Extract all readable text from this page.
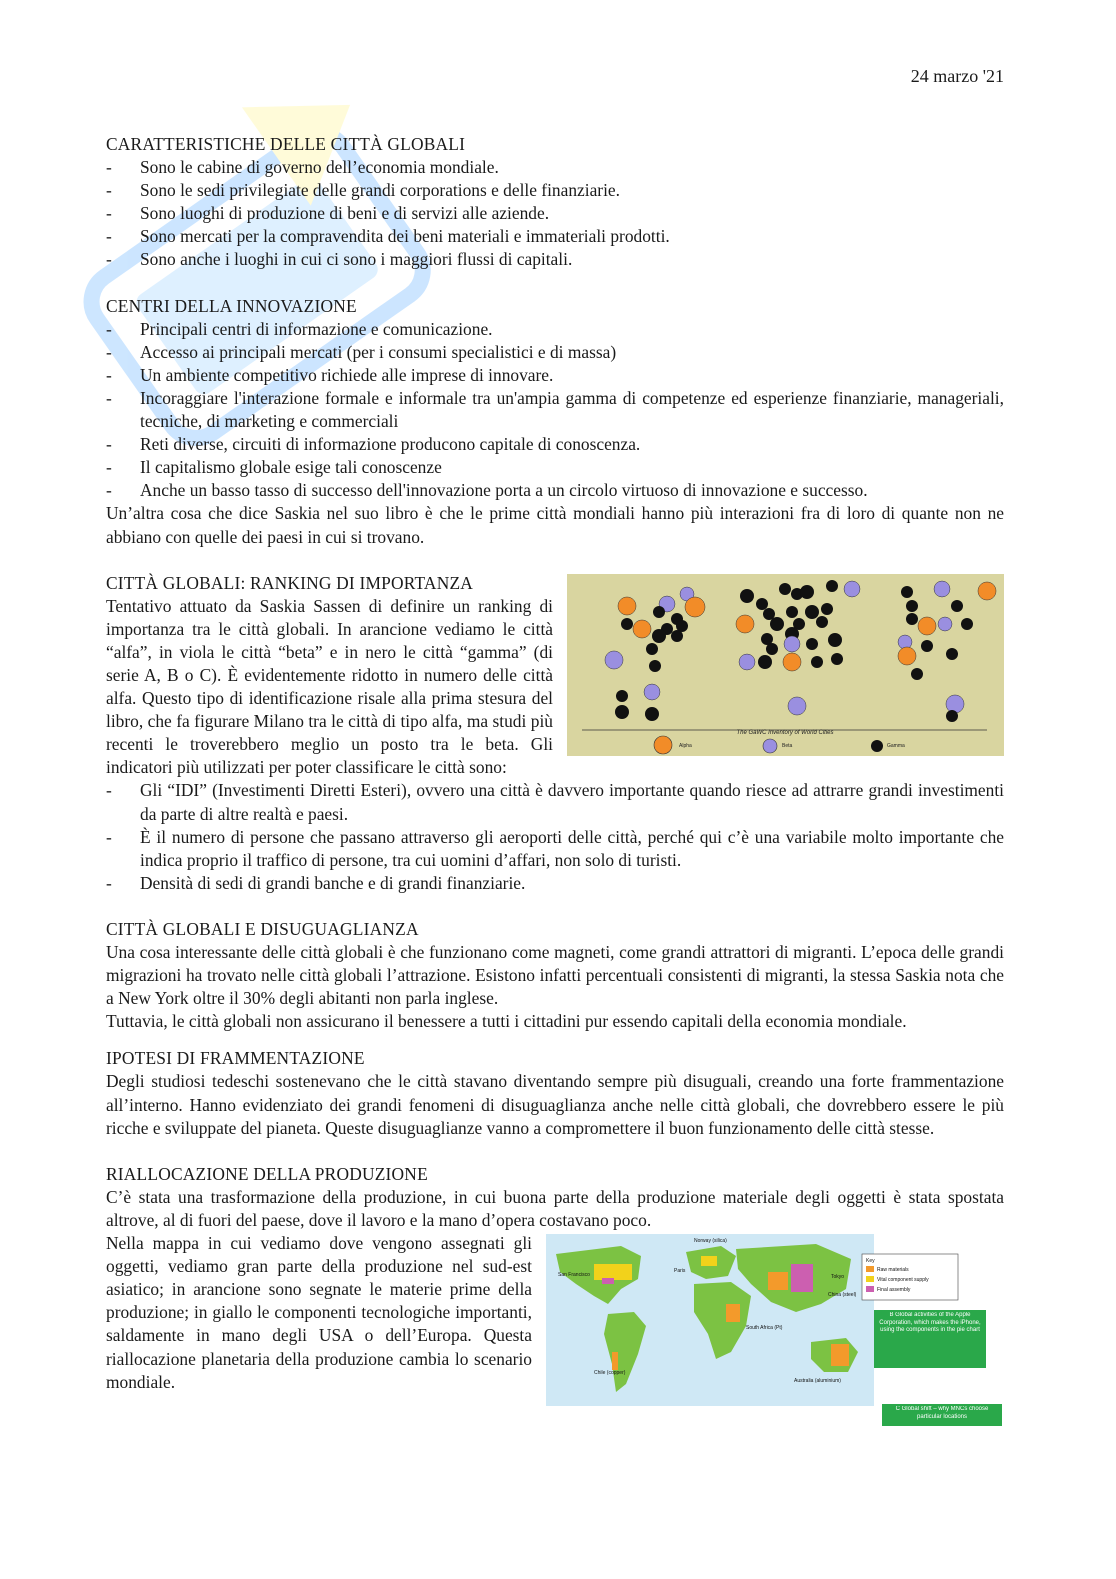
24 marzo '21
CARATTERISTICHE DELLE CITTÀ GLOBALI
- Sono le cabine di governo dell’economia mondiale.
- Sono le sedi privilegiate delle grandi corporations e delle finanziarie.
- Sono luoghi di produzione di beni e di servizi alle aziende.
- Sono mercati per la compravendita dei beni materiali e immateriali prodotti.
- Sono anche i luoghi in cui ci sono i maggiori flussi di capitali.
CENTRI DELLA INNOVAZIONE
- Principali centri di informazione e comunicazione.
- Accesso ai principali mercati (per i consumi specialistici e di massa)
- Un ambiente competitivo richiede alle imprese di innovare.
- Incoraggiare l'interazione formale e informale tra un'ampia gamma di competenze ed esperienze finanziarie, manageriali, tecniche, di marketing e commerciali
- Reti diverse, circuiti di informazione producono capitale di conoscenza.
- Il capitalismo globale esige tali conoscenze
- Anche un basso tasso di successo dell'innovazione porta a un circolo virtuoso di innovazione e successo.

Un’altra cosa che dice Saskia nel suo libro è che le prime città mondiali hanno più interazioni fra di loro di quante non ne abbiano con quelle dei paesi in cui si trovano.

The GaWC Inventory of World Cities
Alpha	Beta	Gamma
CITTÀ GLOBALI: RANKING DI IMPORTANZA

Tentativo attuato da Saskia Sassen di definire un ranking di importanza tra le città globali. In arancione vediamo le città “alfa”, in viola le città “beta” e in nero le città “gamma” (di serie A, B o C). È evidentemente ridotto in numero delle città alfa. Questo tipo di identificazione risale alla prima stesura del libro, che fa figurare Milano tra le città di tipo alfa, ma studi più recenti le troverebbero meglio un posto tra le beta. Gli indicatori più utilizzati per poter classificare le città sono:

- Gli “IDI” (Investimenti Diretti Esteri), ovvero una città è davvero importante quando riesce ad attrarre grandi investimenti da parte di altre realtà e paesi.
- È il numero di persone che passano attraverso gli aeroporti delle città, perché qui c’è una variabile molto importante che indica proprio il traffico di persone, tra cui uomini d’affari, non solo di turisti.
- Densità di sedi di grandi banche e di grandi finanziarie.
CITTÀ GLOBALI E DISUGUAGLIANZA

Una cosa interessante delle città globali è che funzionano come magneti, come grandi attrattori di migranti. L’epoca delle grandi migrazioni ha trovato nelle città globali l’attrazione. Esistono infatti percentuali consistenti di migranti, la stessa Saskia nota che a New York oltre il 30% degli abitanti non parla inglese.

Tuttavia, le città globali non assicurano il benessere a tutti i cittadini pur essendo capitali della economia mondiale.

IPOTESI DI FRAMMENTAZIONE

Degli studiosi tedeschi sostenevano che le città stavano diventando sempre più disuguali, creando una forte frammentazione all’interno. Hanno evidenziato dei grandi fenomeni di disuguaglianza anche nelle città globali, che dovrebbero essere le più ricche e sviluppate del pianeta. Queste disuguaglianze vanno a compromettere il buon funzionamento delle città stesse.

RIALLOCAZIONE DELLA PRODUZIONE

C’è stata una trasformazione della produzione, in cui buona parte della produzione materiale degli oggetti è stata spostata altrove, al di fuori del paese, dove il lavoro e la mano d’opera costavano poco.

Norway (silica)
San Francisco
Paris
Tokyo
China (steel)
South Africa (Pt)
Chile (copper)
Australia (aluminium)
Key
Raw materials
Vital component supply
Final assembly
B Global activities of the Apple Corporation, which makes the iPhone, using the components in the pie chart
C Global shift – why MNCs choose particular locations

Nella mappa in cui vediamo dove vengono assegnati gli oggetti, vediamo gran parte della produzione nel sud-est asiatico; in arancione sono segnate le materie prime della produzione; in giallo le componenti tecnologiche importanti, saldamente in mano degli USA o dell’Europa. Questa riallocazione planetaria della produzione cambia lo scenario mondiale.
